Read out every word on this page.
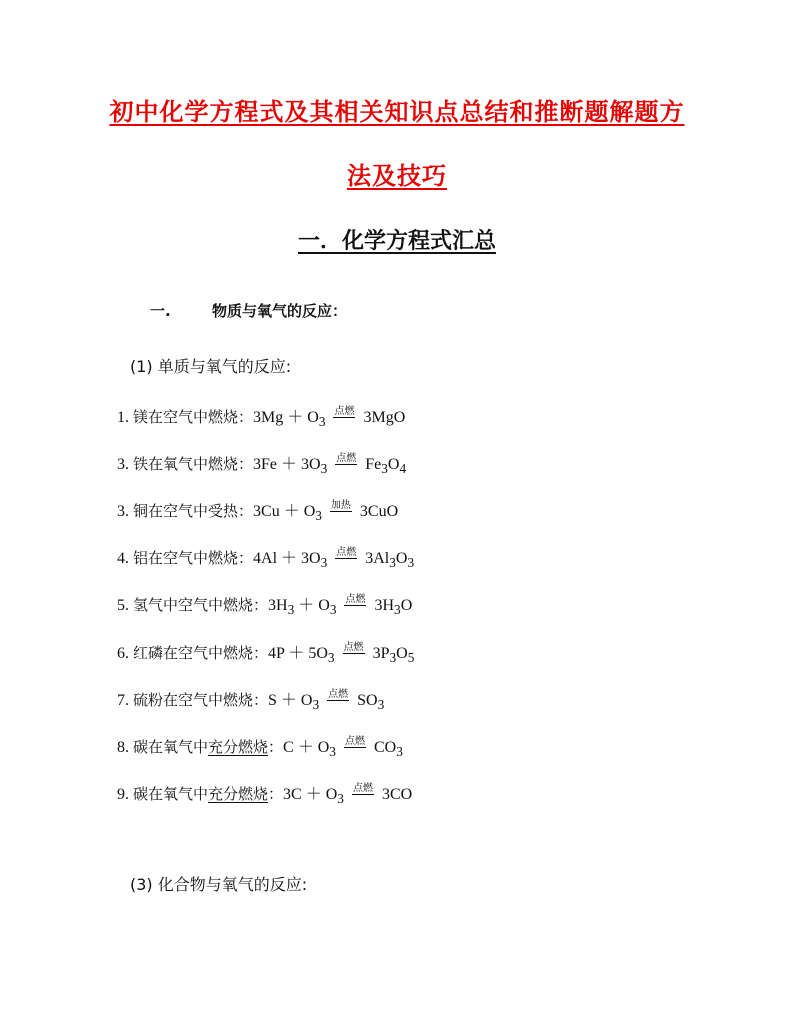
初中化学方程式及其相关知识点总结和推断题解题方
法及技巧
一．化学方程式汇总
一.	物质与氧气的反应：
(1) 单质与氧气的反应:
1. 镁在空气中燃烧：$3Mg + O_3$点燃 3MgO
3. 铁在氧气中燃烧：$3Fe + 3O_3$点燃 $Fe_3O_4$
3. 铜在空气中受热：$3Cu + O_3$加热 3CuO
4. 铝在空气中燃烧：$4Al + 3O_3$点燃 $3Al_3O_3$
5. 氢气中空气中燃烧：$3H_3 + O_3$点燃 $3H_3O$
6. 红磷在空气中燃烧：$4P + 5O_3$点燃 $3P_3O_5$
7. 硫粉在空气中燃烧：$S + O_3$点燃 $SO_3$
8. 碳在氧气中充分燃烧：$C + O_3$点燃 $CO_3$
9. 碳在氧气中充分燃烧：$3C + O_3$点燃 3CO
(3) 化合物与氧气的反应:
